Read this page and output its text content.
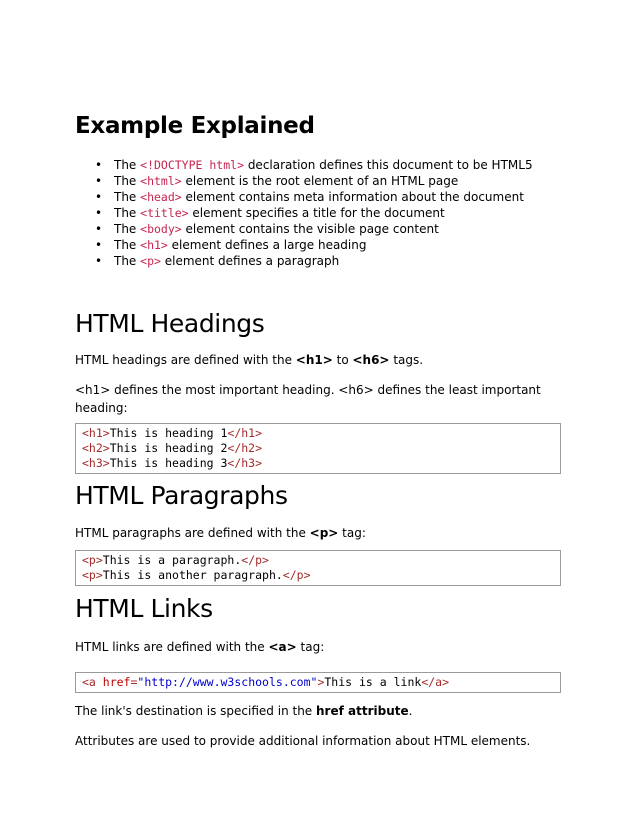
Example Explained
• The <!DOCTYPE html> declaration defines this document to be HTML5
• The <html> element is the root element of an HTML page
• The <head> element contains meta information about the document
• The <title> element specifies a title for the document
• The <body> element contains the visible page content
• The <h1> element defines a large heading
• The <p> element defines a paragraph
HTML Headings

HTML headings are defined with the <h1> to <h6> tags.

<h1> defines the most important heading. <h6> defines the least important heading:

<h1>This is heading 1</h1>
<h2>This is heading 2</h2>
<h3>This is heading 3</h3>
HTML Paragraphs

HTML paragraphs are defined with the <p> tag:

<p>This is a paragraph.</p>
<p>This is another paragraph.</p>
HTML Links

HTML links are defined with the <a> tag:

<a href="http://www.w3schools.com">This is a link</a>

The link's destination is specified in the href attribute.

Attributes are used to provide additional information about HTML elements.
